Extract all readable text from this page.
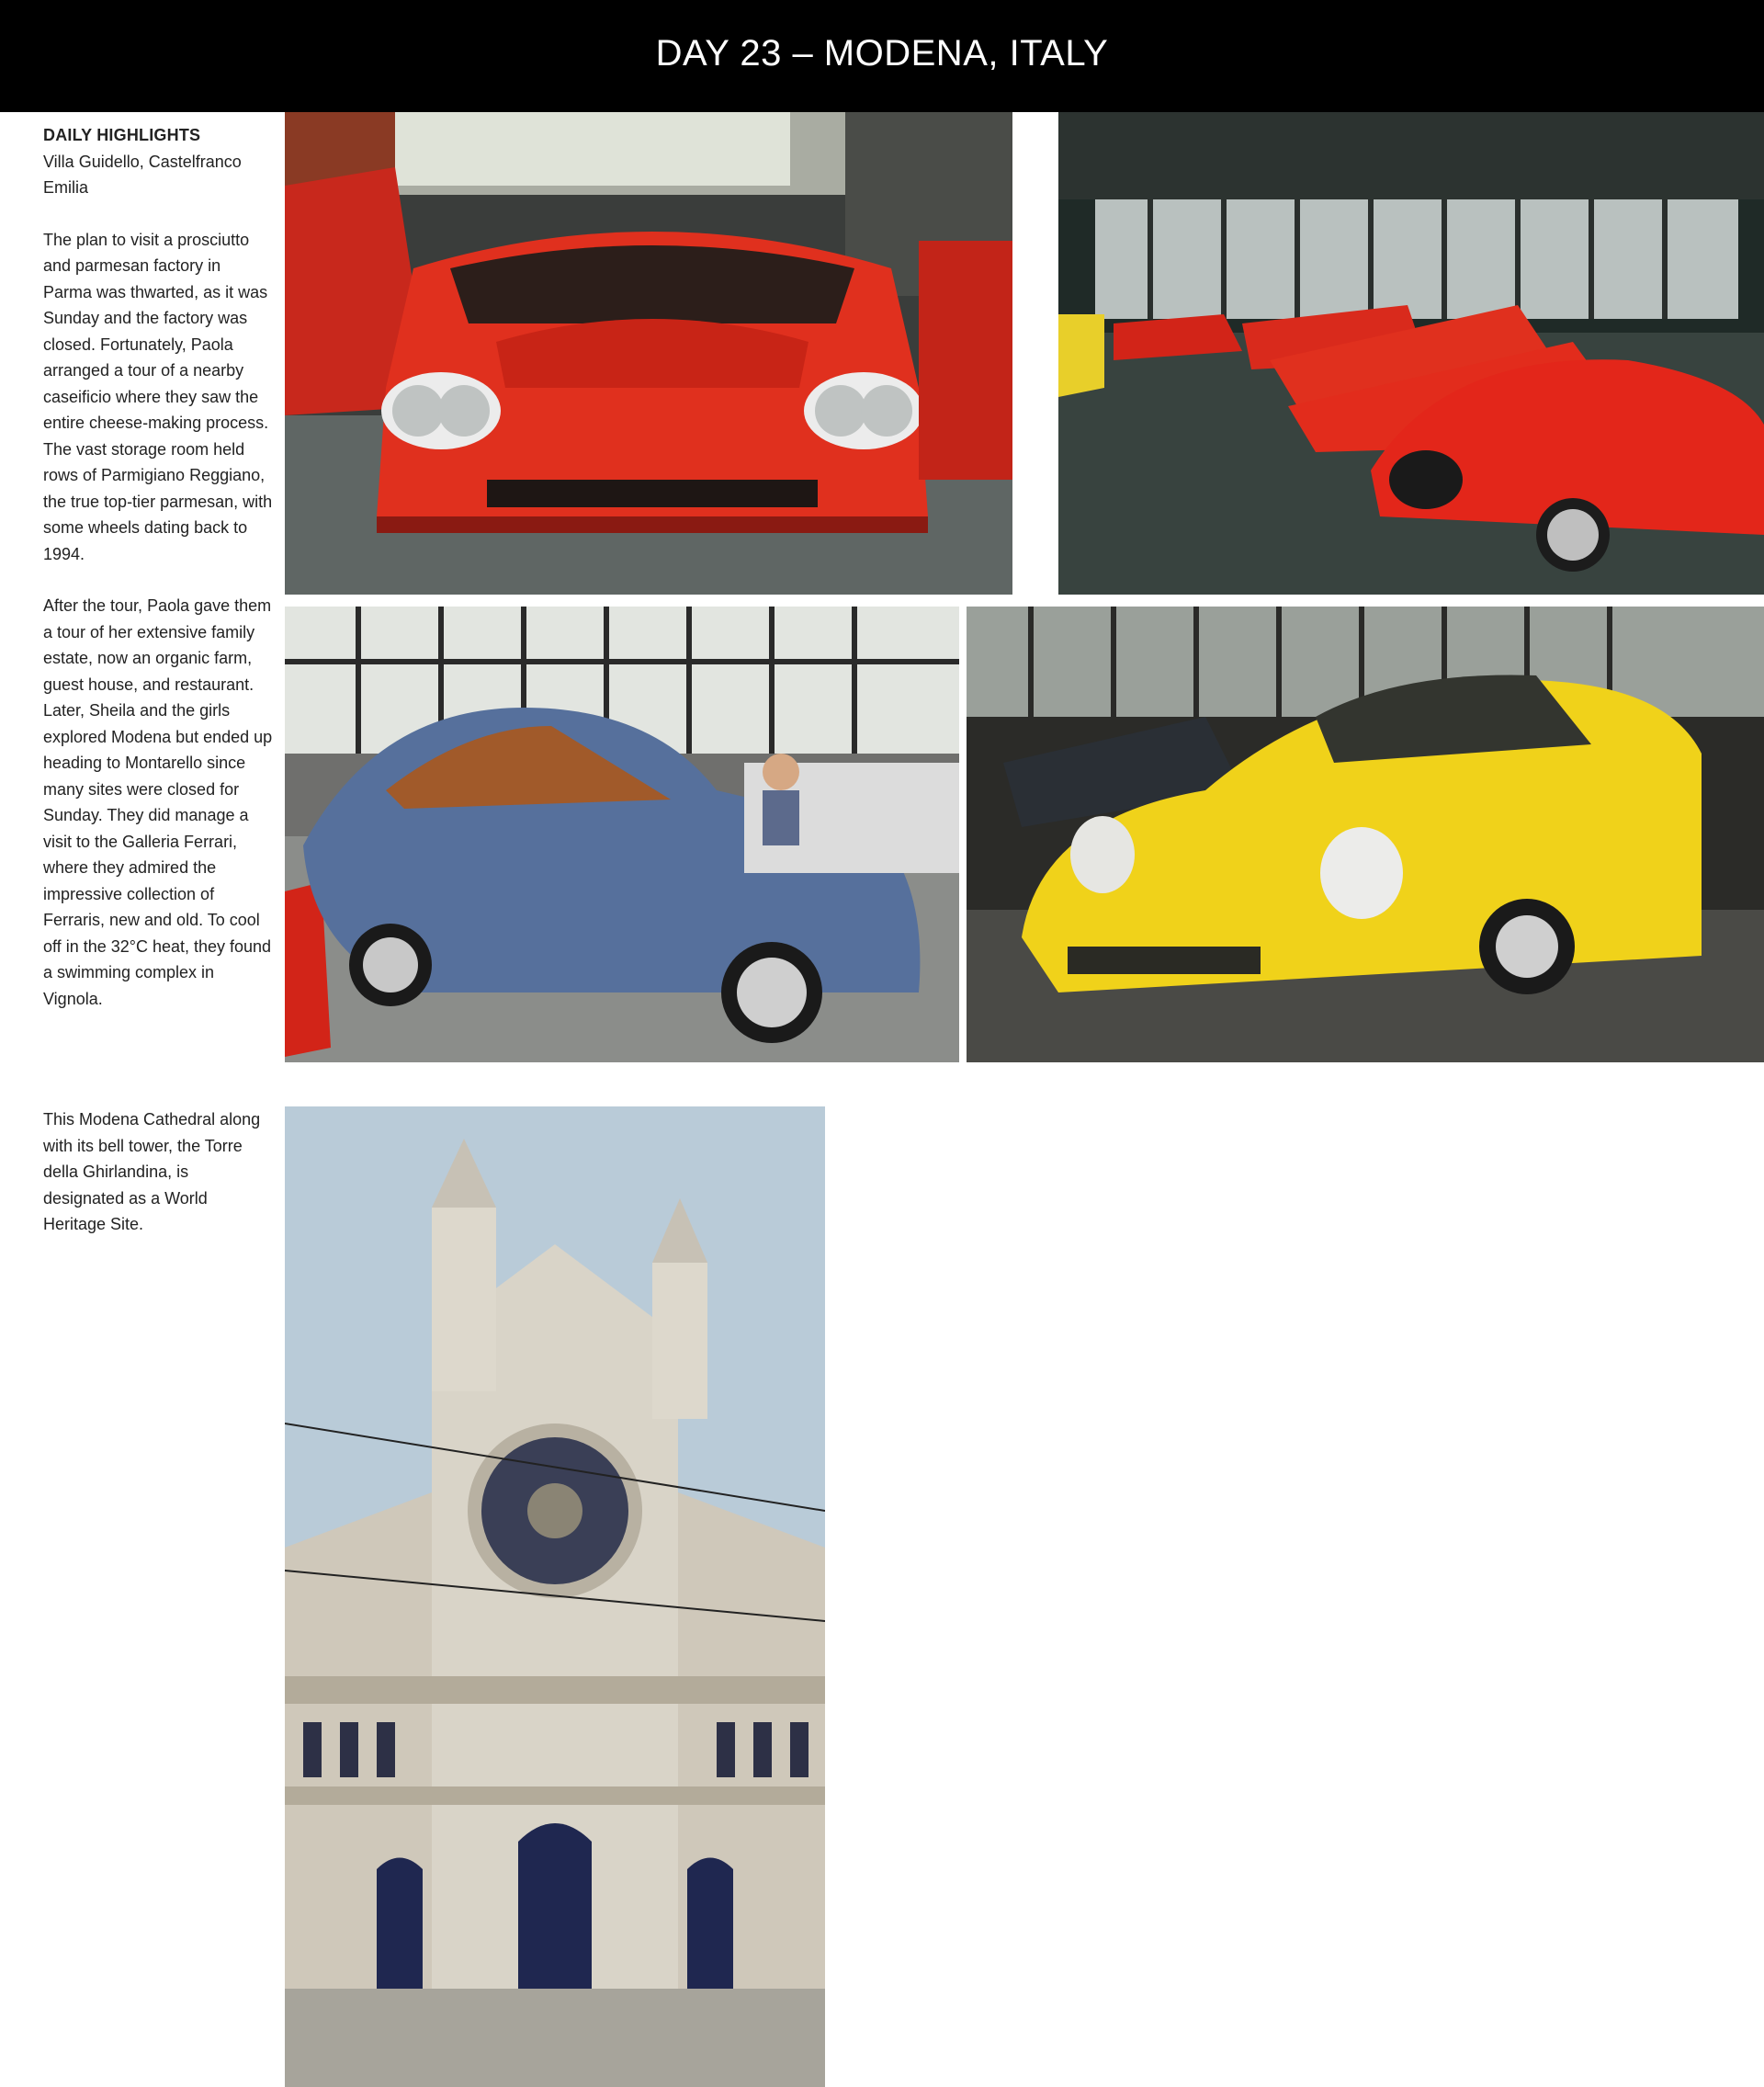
DAY 23 – MODENA, ITALY

DAILY HIGHLIGHTS

Villa Guidello, Castelfranco Emilia

The plan to visit a prosciutto and parmesan factory in Parma was thwarted, as it was Sunday and the factory was closed. Fortunately, Paola arranged a tour of a nearby caseificio where they saw the entire cheese-making process. The vast storage room held rows of Parmigiano Reggiano, the true top-tier parmesan, with some wheels dating back to 1994.

After the tour, Paola gave them a tour of her extensive family estate, now an organic farm, guest house, and restaurant. Later, Sheila and the girls explored Modena but ended up heading to Montarello since many sites were closed for Sunday. They did manage a visit to the Galleria Ferrari, where they admired the impressive collection of Ferraris, new and old. To cool off in the 32°C heat, they found a swimming complex in Vignola.

This Modena Cathedral along with its bell tower, the Torre della Ghirlandina, is designated as a World Heritage Site.
